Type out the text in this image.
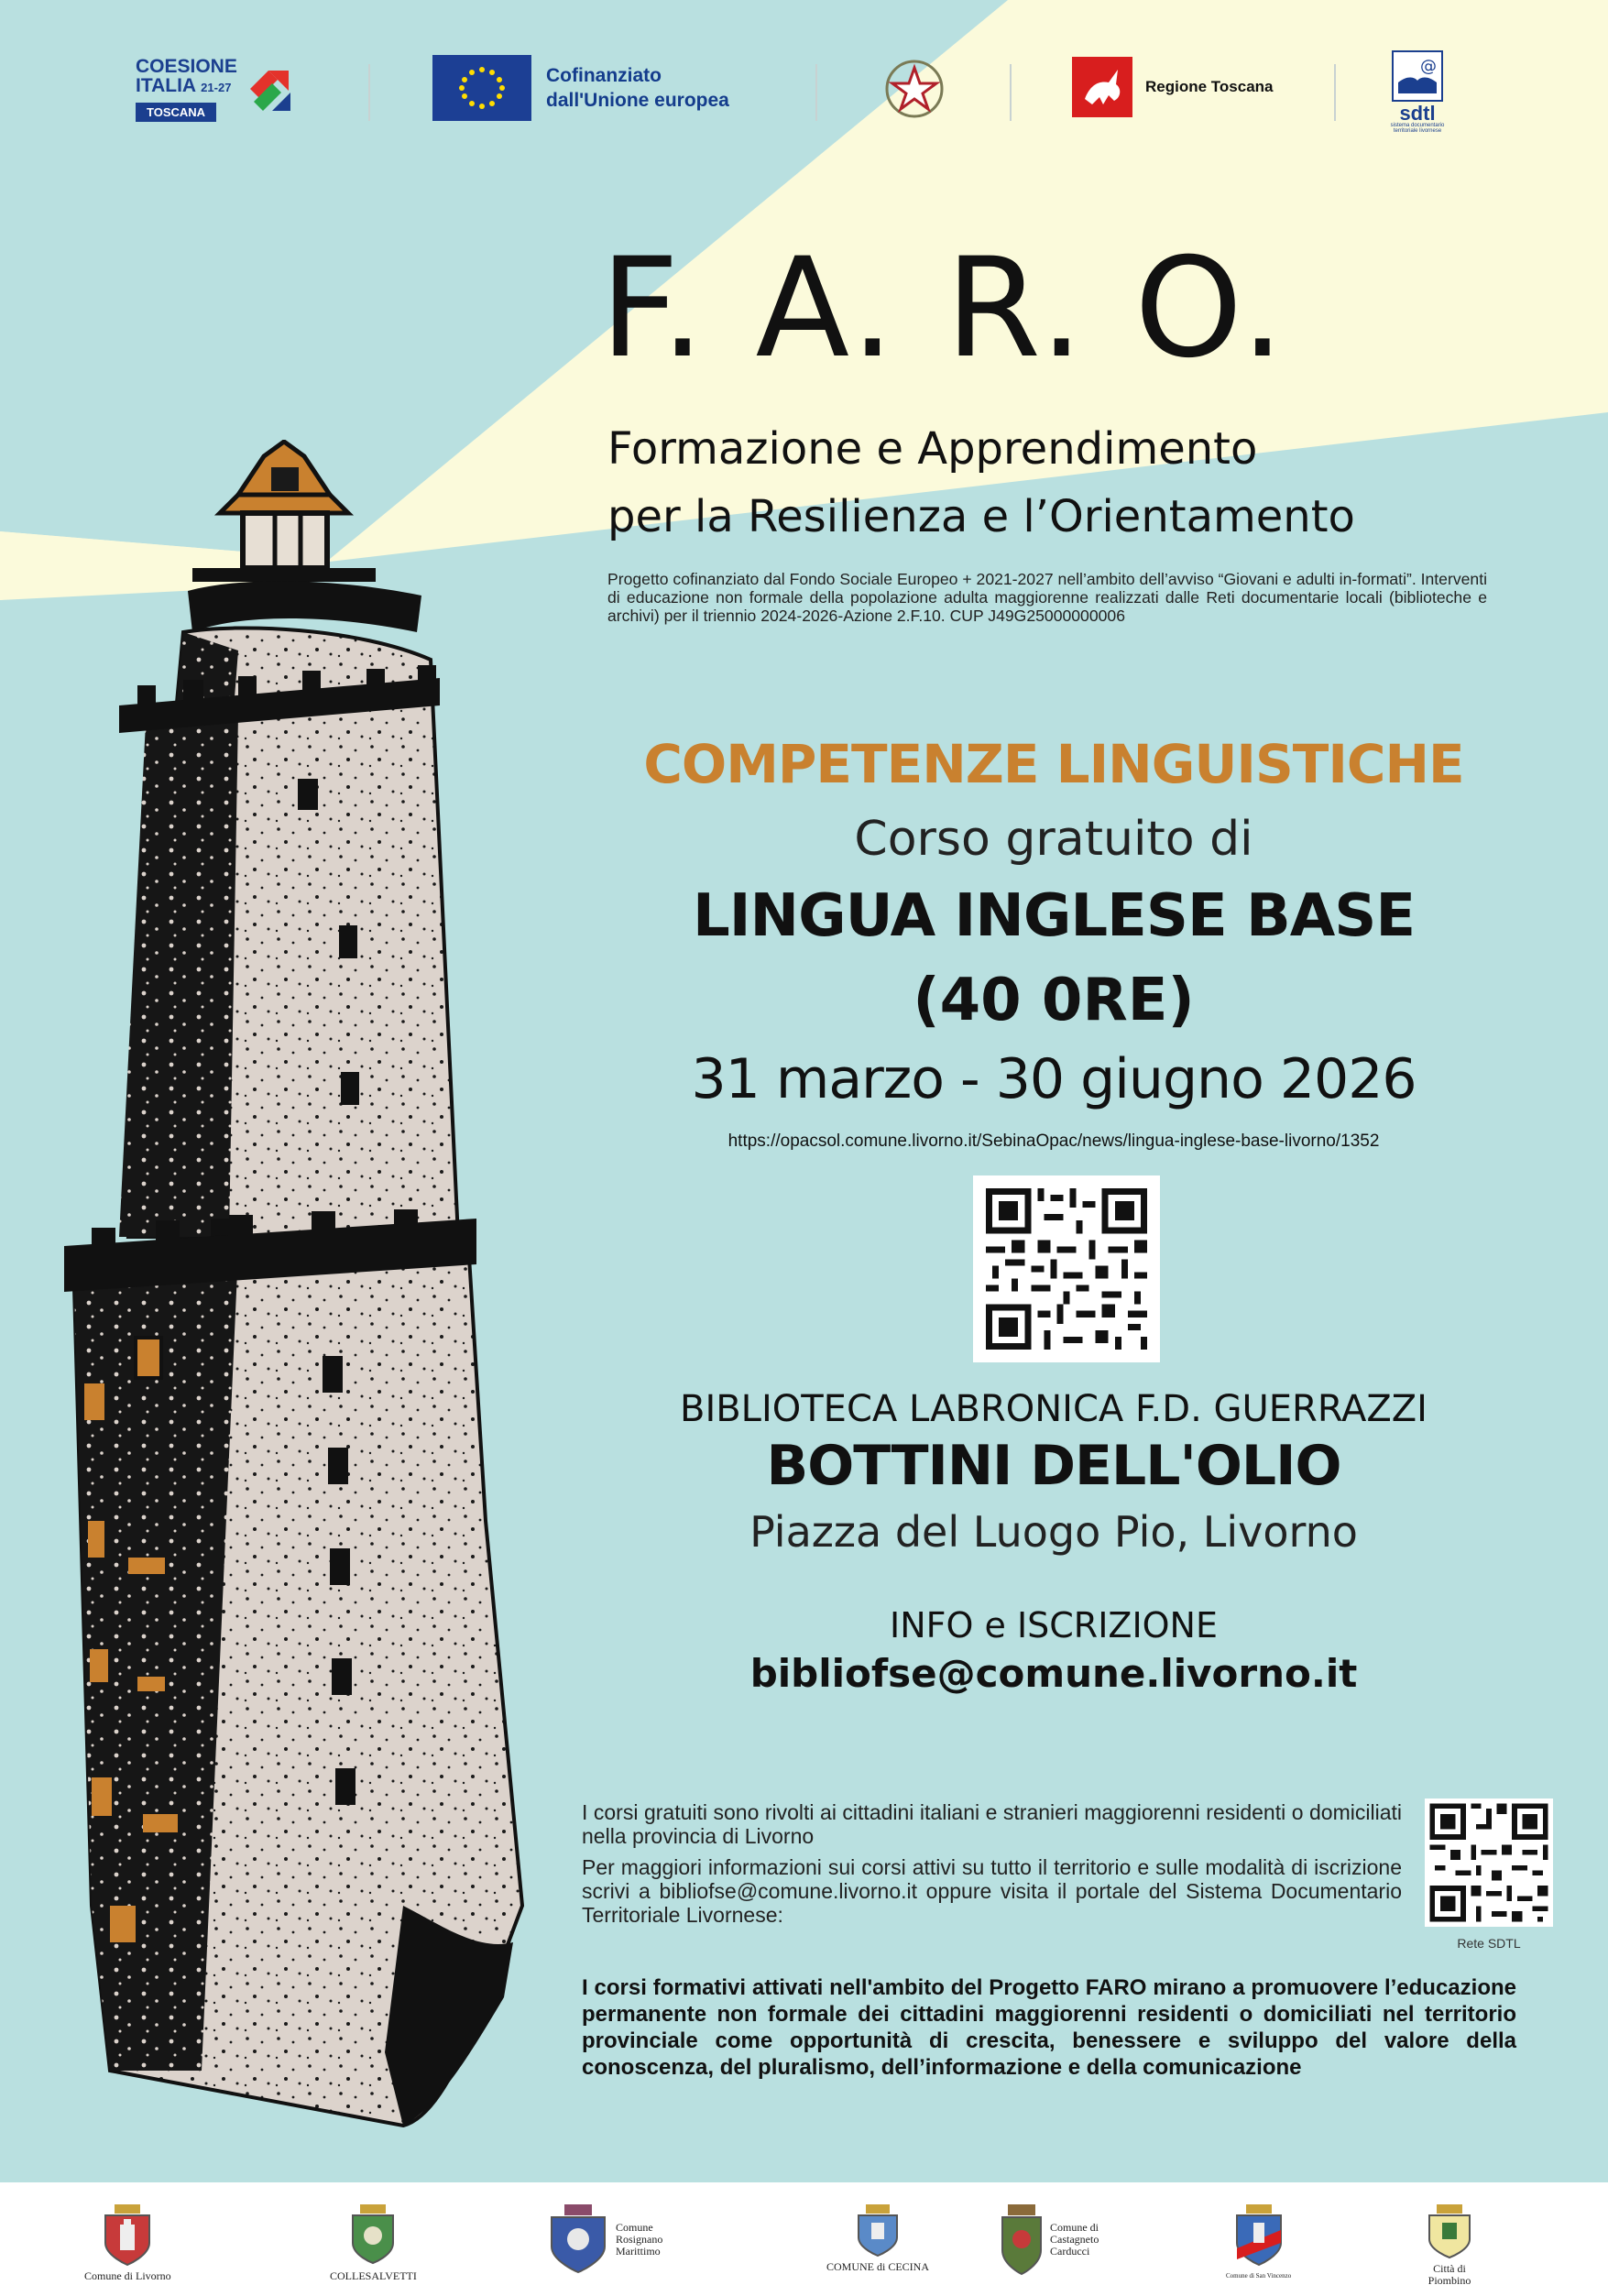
COESIONE
ITALIA 21-27
TOSCANA
Cofinanziato
dall'Unione europea
Regione Toscana
@
sdtl
sistema documentario territoriale livornese
F. A. R. O.
Formazione e Apprendimento
per la Resilienza e l’Orientamento
Progetto cofinanziato dal Fondo Sociale Europeo + 2021-2027 nell’ambito dell’avviso “Giovani e adulti in-formati”. Interventi di educazione non formale della popolazione adulta maggiorenne realizzati dalle Reti documentarie locali (biblioteche e archivi) per il triennio 2024-2026-Azione 2.F.10. CUP J49G25000000006
COMPETENZE LINGUISTICHE
Corso gratuito di
LINGUA INGLESE BASE
(40 0RE)
31 marzo - 30 giugno 2026
https://opacsol.comune.livorno.it/SebinaOpac/news/lingua-inglese-base-livorno/1352
BIBLIOTECA LABRONICA F.D. GUERRAZZI
BOTTINI DELL'OLIO
Piazza del Luogo Pio, Livorno
INFO e ISCRIZIONE
bibliofse@comune.livorno.it

I corsi gratuiti sono rivolti ai cittadini italiani e stranieri maggiorenni residenti o domiciliati nella provincia di Livorno

Per maggiori informazioni sui corsi attivi su tutto il territorio e sulle modalità di iscrizione scrivi a bibliofse@comune.livorno.it oppure visita il portale del Sistema Documentario Territoriale Livornese:

Rete SDTL
I corsi formativi attivati nell'ambito del Progetto FARO mirano a promuovere l’educazione permanente non formale dei cittadini maggiorenni residenti o domiciliati nel territorio provinciale come opportunità di crescita, benessere e sviluppo del valore della conoscenza, del pluralismo, dell’informazione e della comunicazione
Comune di Livorno	COLLESALVETTI
Comune Rosignano Marittimo
COMUNE di CECINA
Comune di Castagneto Carducci
Comune di San Vincenzo
Città di Piombino
